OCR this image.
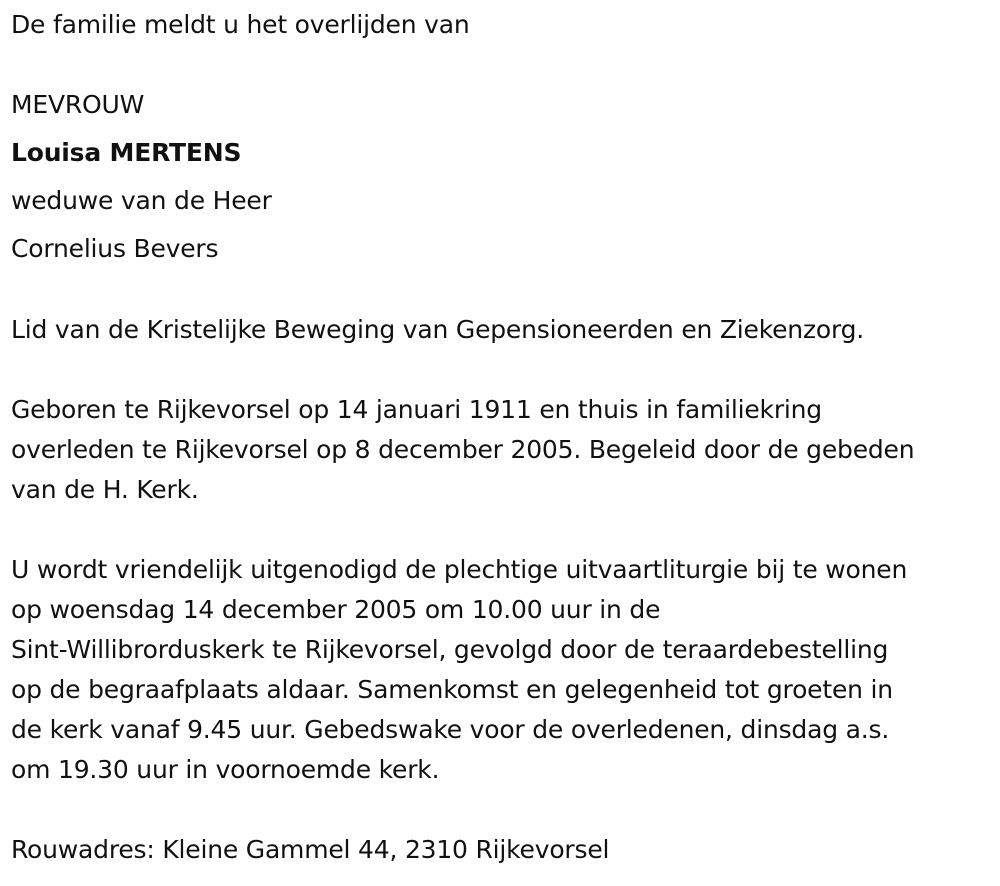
De familie meldt u het overlijden van
MEVROUW
Louisa MERTENS
weduwe van de Heer
Cornelius Bevers
Lid van de Kristelijke Beweging van Gepensioneerden en Ziekenzorg.
Geboren te Rijkevorsel op 14 januari 1911 en thuis in familiekring
overleden te Rijkevorsel op 8 december 2005. Begeleid door de gebeden
van de H. Kerk.
U wordt vriendelijk uitgenodigd de plechtige uitvaartliturgie bij te wonen
op woensdag 14 december 2005 om 10.00 uur in de
Sint-Willibrorduskerk te Rijkevorsel, gevolgd door de teraardebestelling
op de begraafplaats aldaar. Samenkomst en gelegenheid tot groeten in
de kerk vanaf 9.45 uur. Gebedswake voor de overledenen, dinsdag a.s.
om 19.30 uur in voornoemde kerk.
Rouwadres: Kleine Gammel 44, 2310 Rijkevorsel
